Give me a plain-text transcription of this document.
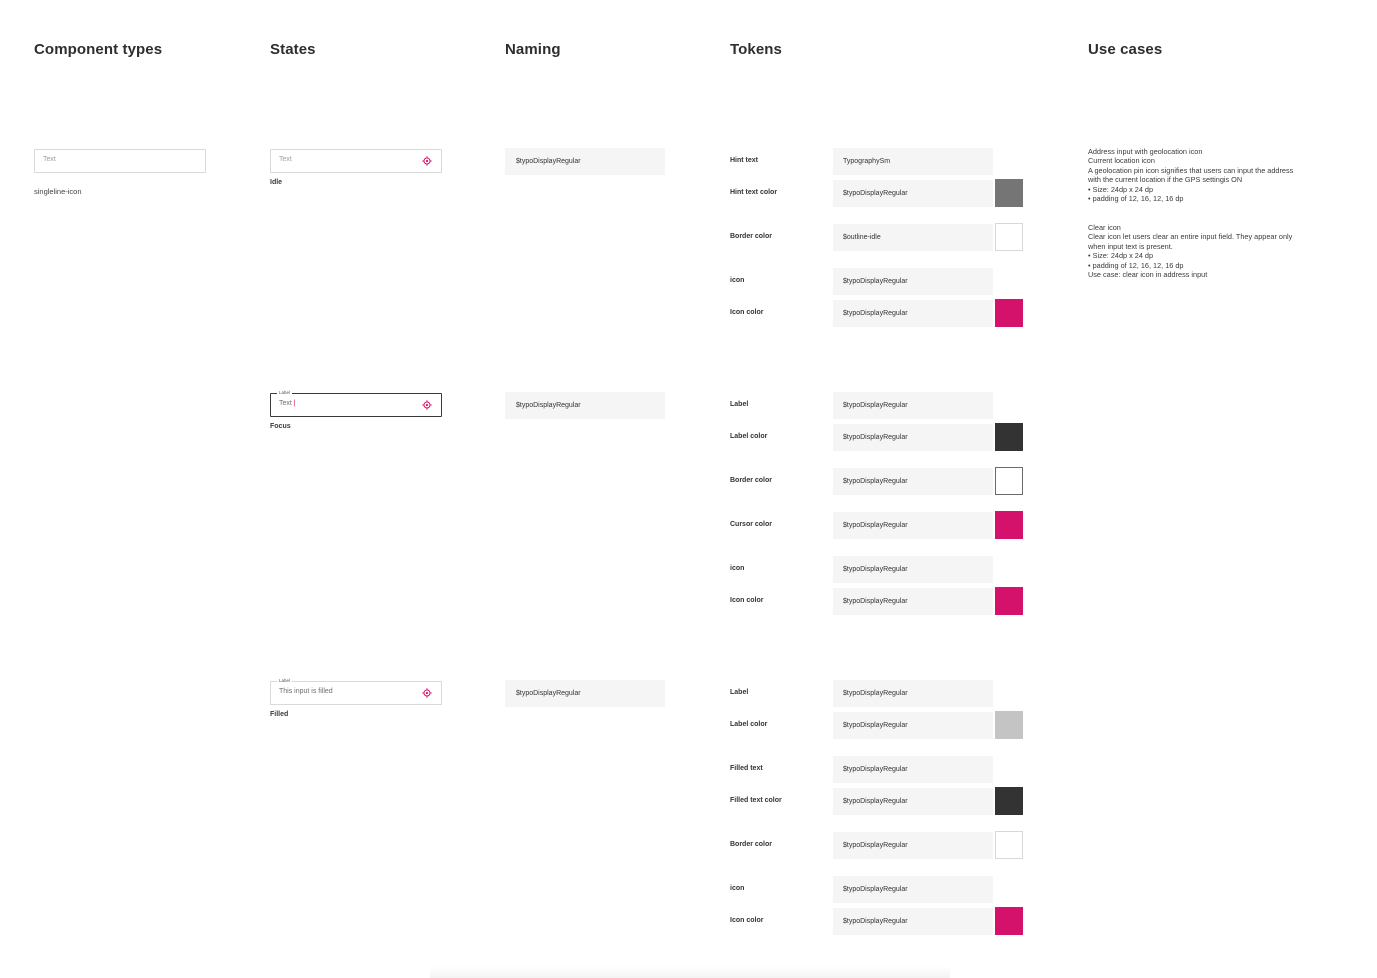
Component types	States	Naming	Tokens	Use cases
Text
singleline-icon
Text
Idle
Label
Text |
Focus
Label
This input is filled
Filled
$typoDisplayRegular
$typoDisplayRegular
$typoDisplayRegular
Hint text	TypographySm
Hint text color	$typoDisplayRegular
Border color	$outline-idle
icon	$typoDisplayRegular
Icon color	$typoDisplayRegular
Label	$typoDisplayRegular
Label color	$typoDisplayRegular
Border color	$typoDisplayRegular
Cursor color	$typoDisplayRegular
icon	$typoDisplayRegular
Icon color	$typoDisplayRegular
Label	$typoDisplayRegular
Label color	$typoDisplayRegular
Filled text	$typoDisplayRegular
Filled text color	$typoDisplayRegular
Border color	$typoDisplayRegular
icon	$typoDisplayRegular
Icon color	$typoDisplayRegular
Address input with geolocation icon
Current location icon
A geolocation pin icon signifies that users can input the address
with the current location if the GPS settingis ON
• Size: 24dp x 24 dp
• padding of 12, 16, 12, 16 dp
Clear icon
Clear icon let users clear an entire input field. They appear only
when input text is present.
• Size: 24dp x 24 dp
• padding of 12, 16, 12, 16 dp
Use case: clear icon in address input
